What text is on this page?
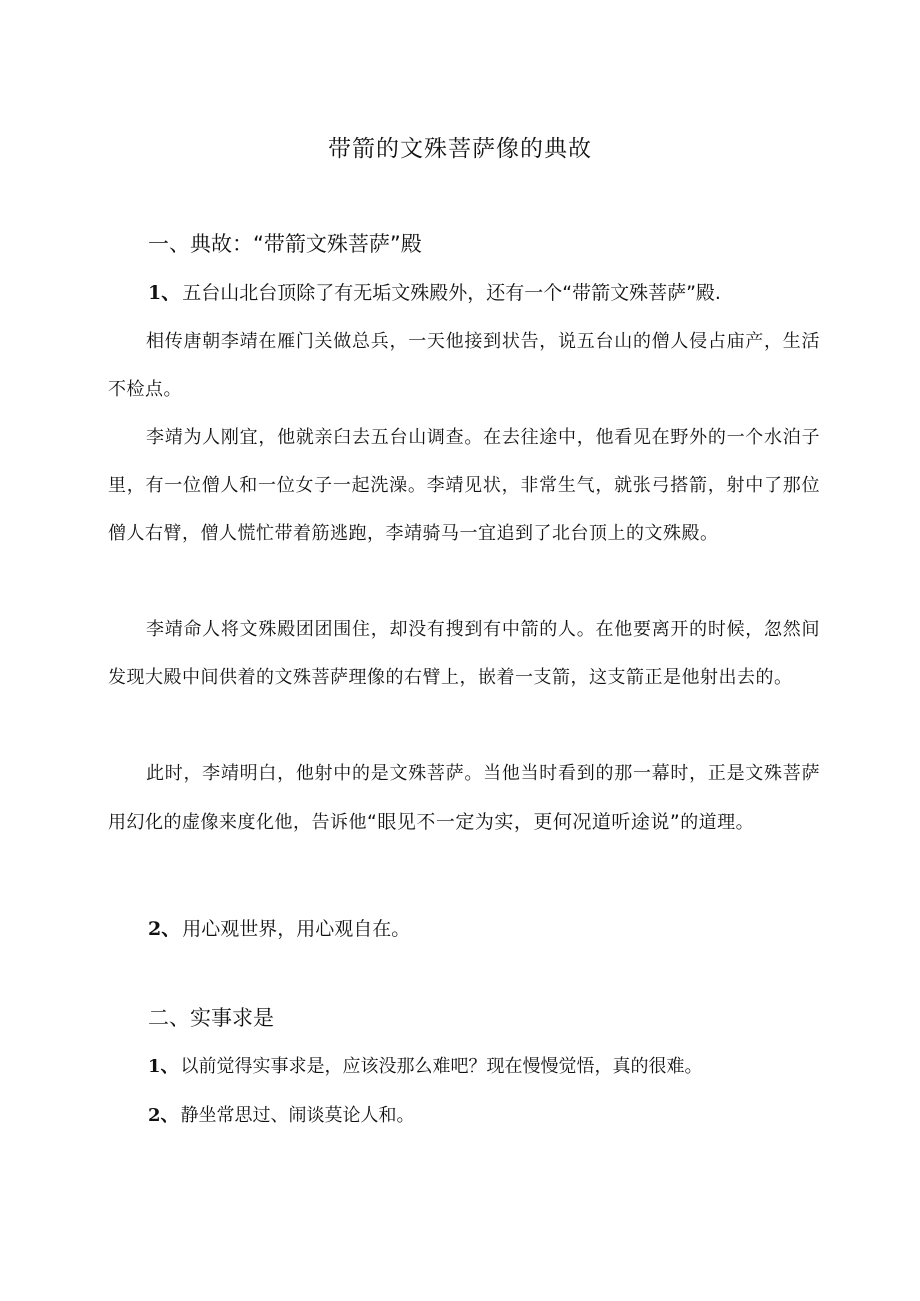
带箭的文殊菩萨像的典故
一、典故：“带箭文殊菩萨”殿
1、 五台山北台顶除了有无垢文殊殿外，还有一个“带箭文殊菩萨”殿.
相传唐朝李靖在雁门关做总兵，一天他接到状告，说五台山的僧人侵占庙产，生活不检点。
李靖为人刚宜，他就亲臼去五台山调查。在去往途中，他看见在野外的一个水泊子里，有一位僧人和一位女子一起洗澡。李靖见状，非常生气，就张弓搭箭，射中了那位僧人右臂，僧人慌忙带着筋逃跑，李靖骑马一宜追到了北台顶上的文殊殿。
李靖命人将文殊殿团团围住，却没有搜到有中箭的人。在他要离开的时候，忽然间发现大殿中间供着的文殊菩萨理像的右臂上，嵌着一支箭，这支箭正是他射出去的。
此时，李靖明白，他射中的是文殊菩萨。当他当时看到的那一幕时，正是文殊菩萨用幻化的虚像来度化他，告诉他“眼见不一定为实，更何况道听途说”的道理。
2、 用心观世界，用心观自在。
二、实事求是
1、 以前觉得实事求是，应该没那么难吧？现在慢慢觉悟，真的很难。
2、 静坐常思过、闹谈莫论人和。
